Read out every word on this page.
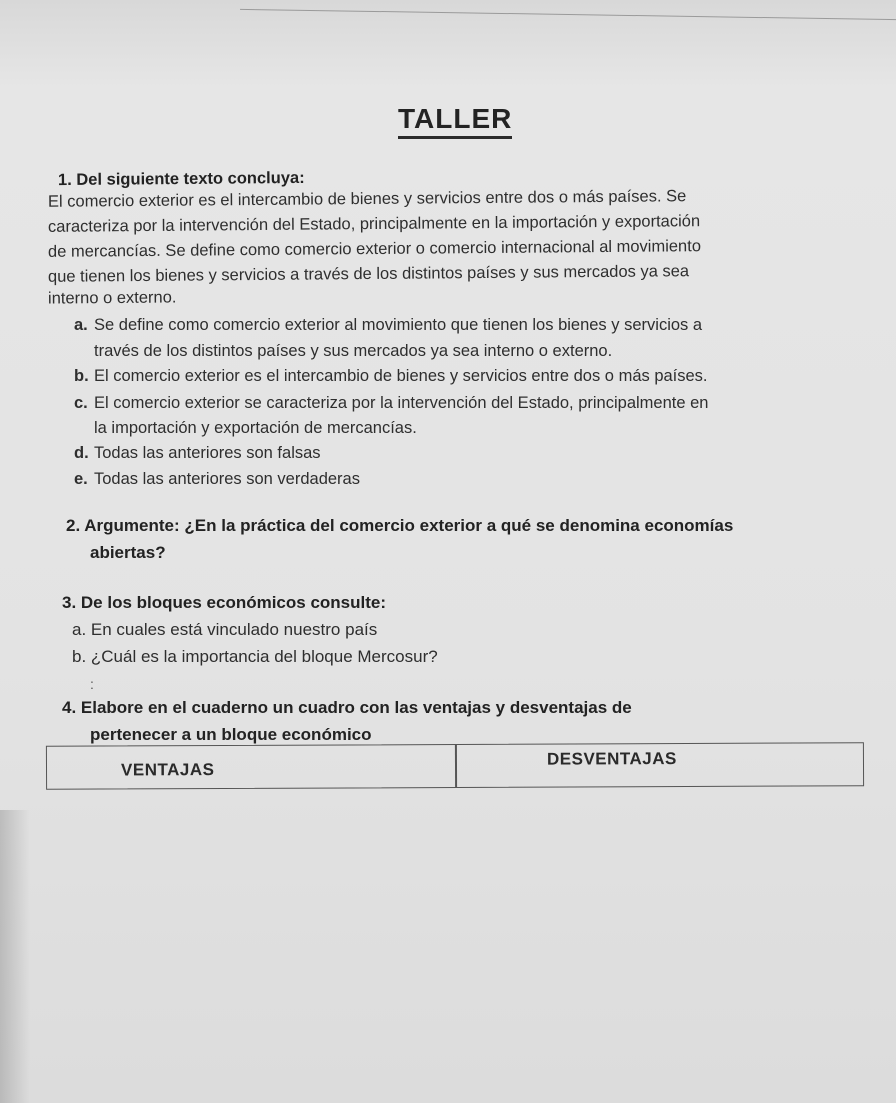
TALLER
1. Del siguiente texto concluya:
El comercio exterior es el intercambio de bienes y servicios entre dos o más países. Se
caracteriza por la intervención del Estado, principalmente en la importación y exportación
de mercancías. Se define como comercio exterior o comercio internacional al movimiento
que tienen los bienes y servicios a través de los distintos países y sus mercados ya sea
interno o externo.
a. Se define como comercio exterior al movimiento que tienen los bienes y servicios a
través de los distintos países y sus mercados ya sea interno o externo.
b. El comercio exterior es el intercambio de bienes y servicios entre dos o más países.
c. El comercio exterior se caracteriza por la intervención del Estado, principalmente en
la importación y exportación de mercancías.
d. Todas las anteriores son falsas
e. Todas las anteriores son verdaderas
2. Argumente: ¿En la práctica del comercio exterior a qué se denomina economías
abiertas?
3. De los bloques económicos consulte:
a. En cuales está vinculado nuestro país
b. ¿Cuál es la importancia del bloque Mercosur?
:
4. Elabore en el cuaderno un cuadro con las ventajas y desventajas de
pertenecer a un bloque económico
VENTAJAS
DESVENTAJAS
